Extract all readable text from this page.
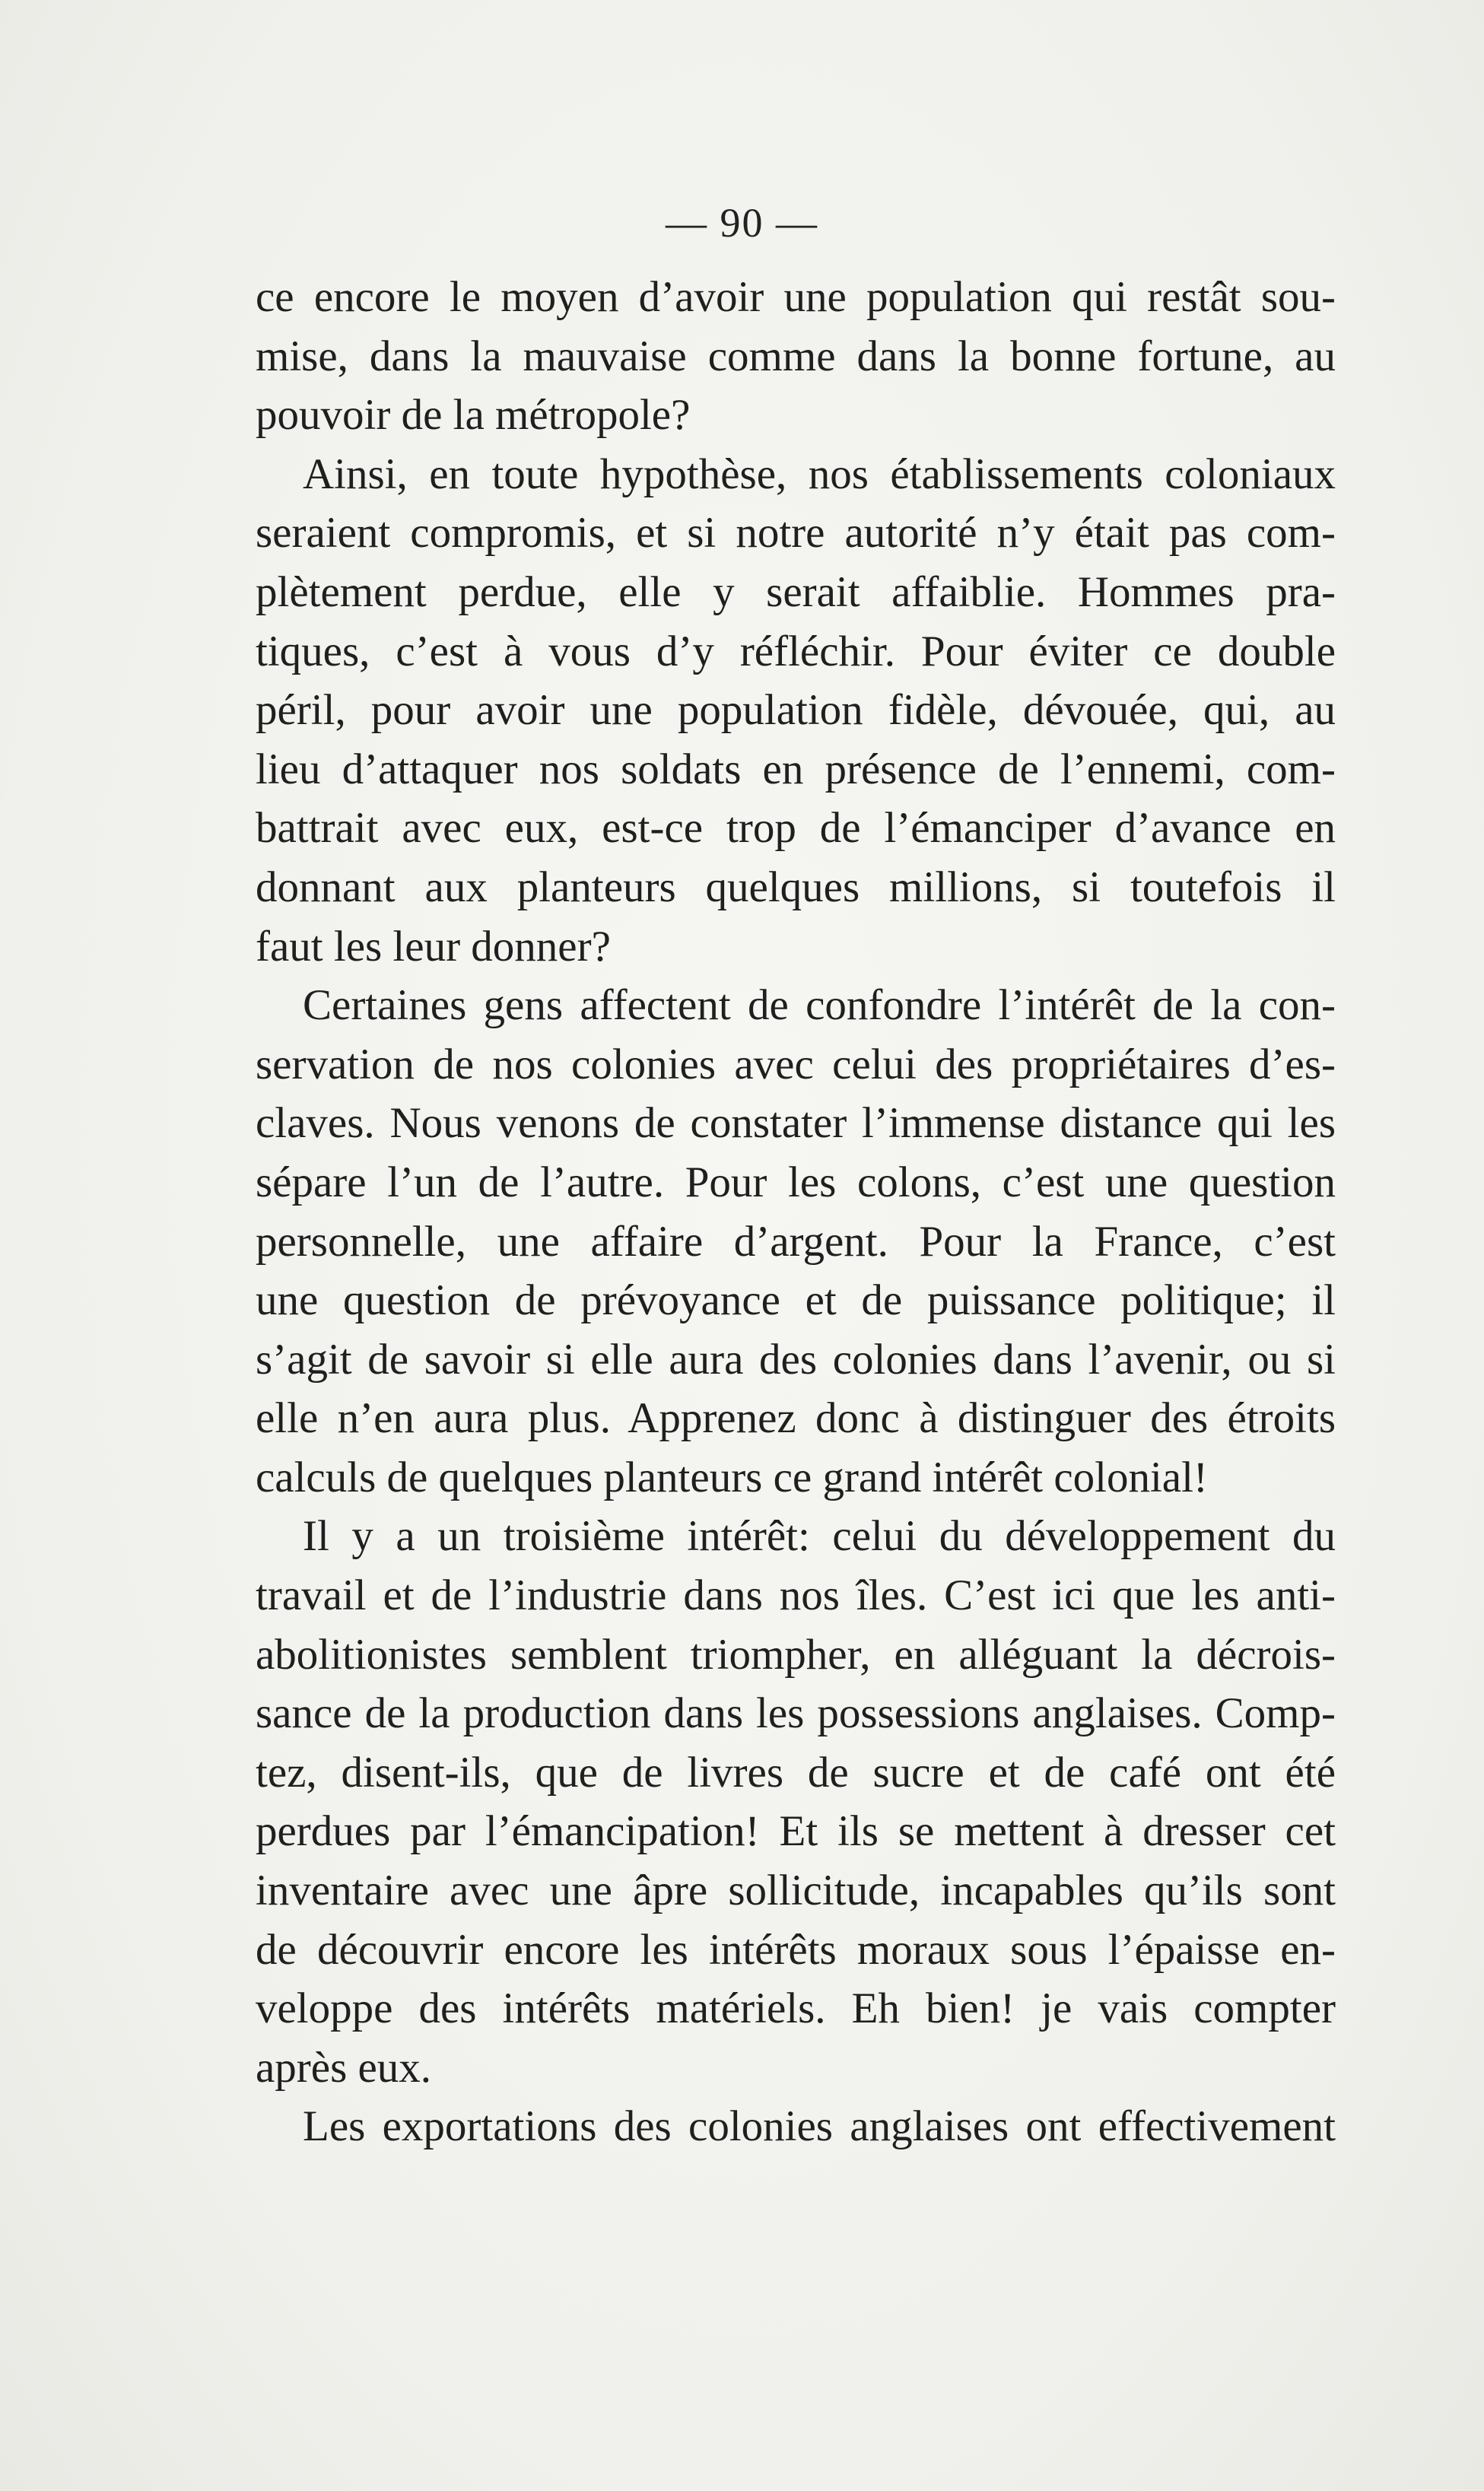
— 90 —
ce encore le moyen d’avoir une population qui restât sou-
mise, dans la mauvaise comme dans la bonne fortune, au
pouvoir de la métropole?
Ainsi, en toute hypothèse, nos établissements coloniaux
seraient compromis, et si notre autorité n’y était pas com-
plètement perdue, elle y serait affaiblie. Hommes pra-
tiques, c’est à vous d’y réfléchir. Pour éviter ce double
péril, pour avoir une population fidèle, dévouée, qui, au
lieu d’attaquer nos soldats en présence de l’ennemi, com-
battrait avec eux, est-ce trop de l’émanciper d’avance en
donnant aux planteurs quelques millions, si toutefois il
faut les leur donner?
Certaines gens affectent de confondre l’intérêt de la con-
servation de nos colonies avec celui des propriétaires d’es-
claves. Nous venons de constater l’immense distance qui les
sépare l’un de l’autre. Pour les colons, c’est une question
personnelle, une affaire d’argent. Pour la France, c’est
une question de prévoyance et de puissance politique; il
s’agit de savoir si elle aura des colonies dans l’avenir, ou si
elle n’en aura plus. Apprenez donc à distinguer des étroits
calculs de quelques planteurs ce grand intérêt colonial!
Il y a un troisième intérêt: celui du développement du
travail et de l’industrie dans nos îles. C’est ici que les anti-
abolitionistes semblent triompher, en alléguant la décrois-
sance de la production dans les possessions anglaises. Comp-
tez, disent-ils, que de livres de sucre et de café ont été
perdues par l’émancipation! Et ils se mettent à dresser cet
inventaire avec une âpre sollicitude, incapables qu’ils sont
de découvrir encore les intérêts moraux sous l’épaisse en-
veloppe des intérêts matériels. Eh bien! je vais compter
après eux.
Les exportations des colonies anglaises ont effectivement
